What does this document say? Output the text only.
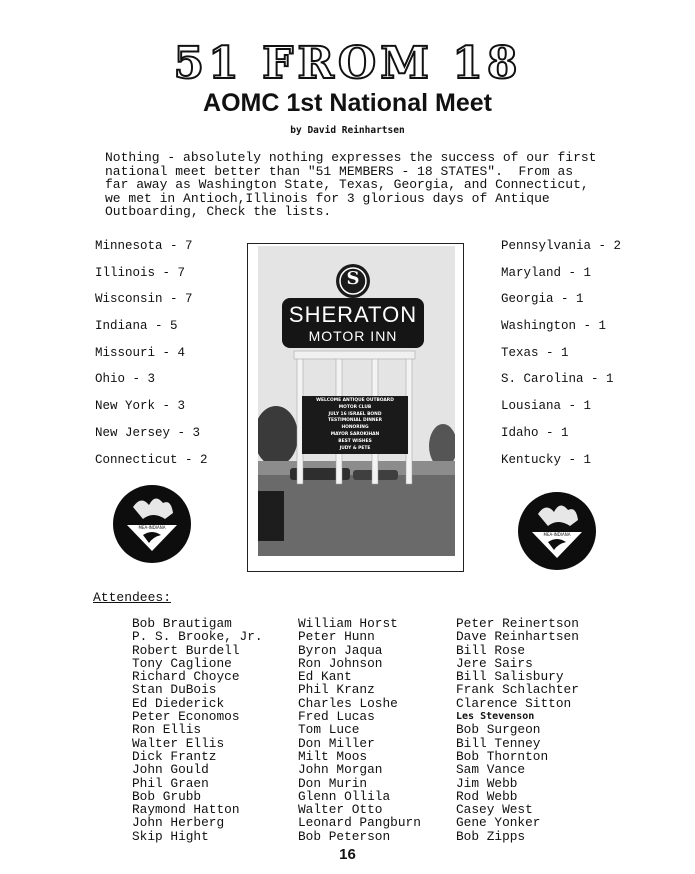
51 FROM 18
AOMC 1st National Meet
by David Reinhartsen
Nothing - absolutely nothing expresses the success of our first
national meet better than "51 MEMBERS - 18 STATES".  From as
far away as Washington State, Texas, Georgia, and Connecticut,
we met in Antioch,Illinois for 3 glorious days of Antique
Outboarding, Check the lists.
Minnesota - 7
Illinois - 7
Wisconsin - 7
Indiana - 5
Missouri - 4
Ohio - 3
New York - 3
New Jersey - 3
Connecticut - 2
Pennsylvania - 2
Maryland - 1
Georgia - 1
Washington - 1
Texas - 1
S. Carolina - 1
Lousiana - 1
Idaho - 1
Kentucky - 1
S
SHERATON
MOTOR INN
WELCOME ANTIQUE OUTBOARD
MOTOR CLUB
JULY 16 ISRAEL BOND
TESTIMONIAL DINNER
HONORING
MAYOR SAROKIHAN
BEST WISHES
JUDY & PETE
MEA-INDIANA
MEA-INDIANA
Attendees:
Bob Brautigam
P. S. Brooke, Jr.
Robert Burdell
Tony Caglione
Richard Choyce
Stan DuBois
Ed Diederick
Peter Economos
Ron Ellis
Walter Ellis
Dick Frantz
John Gould
Phil Graen
Bob Grubb
Raymond Hatton
John Herberg
Skip Hight
William Horst
Peter Hunn
Byron Jaqua
Ron Johnson
Ed Kant
Phil Kranz
Charles Loshe
Fred Lucas
Tom Luce
Don Miller
Milt Moos
John Morgan
Don Murin
Glenn Ollila
Walter Otto
Leonard Pangburn
Bob Peterson
Peter Reinertson
Dave Reinhartsen
Bill Rose
Jere Sairs
Bill Salisbury
Frank Schlachter
Clarence Sitton
Les Stevenson
Bob Surgeon
Bill Tenney
Bob Thornton
Sam Vance
Jim Webb
Rod Webb
Casey West
Gene Yonker
Bob Zipps
16
